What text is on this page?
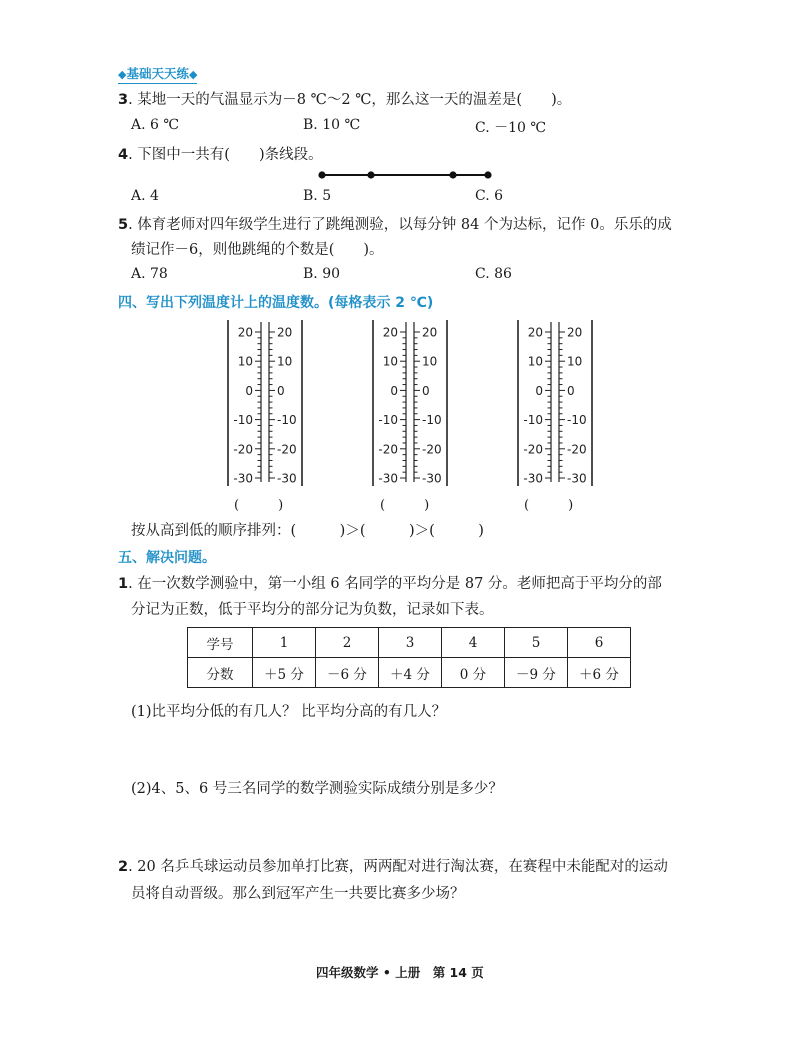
◆基础天天练◆
3. 某地一天的气温显示为－8 ℃～2 ℃，那么这一天的温差是(　　)。
A. 6 ℃	B. 10 ℃	C. －10 ℃
4. 下图中一共有(　　)条线段。
A. 4	B. 5	C. 6
5. 体育老师对四年级学生进行了跳绳测验，以每分钟 84 个为达标，记作 0。乐乐的成
绩记作－6，则他跳绳的个数是(　　)。
A. 78	B. 90	C. 86
四、写出下列温度计上的温度数。(每格表示 2 ℃)
20 20
10 10
0 0
-10 -10
-20 -20
-30 -30
20 20
10 10
0 0
-10 -10
-20 -20
-30 -30
20 20
10 10
0 0
-10 -10
-20 -20
-30 -30
(　　　)	(　　　)	(　　　)
按从高到低的顺序排列：(　　　)＞(　　　)＞(　　　)
五、解决问题。
1. 在一次数学测验中，第一小组 6 名同学的平均分是 87 分。老师把高于平均分的部
分记为正数，低于平均分的部分记为负数，记录如下表。
学号	1	2	3	4	5	6
分数	＋5 分	－6 分	＋4 分	0 分	－9 分	＋6 分
(1)比平均分低的有几人？ 比平均分高的有几人？
(2)4、5、6 号三名同学的数学测验实际成绩分别是多少？
2. 20 名乒乓球运动员参加单打比赛，两两配对进行淘汰赛，在赛程中未能配对的运动
员将自动晋级。那么到冠军产生一共要比赛多少场？
四年级数学 • 上册　第 14 页
